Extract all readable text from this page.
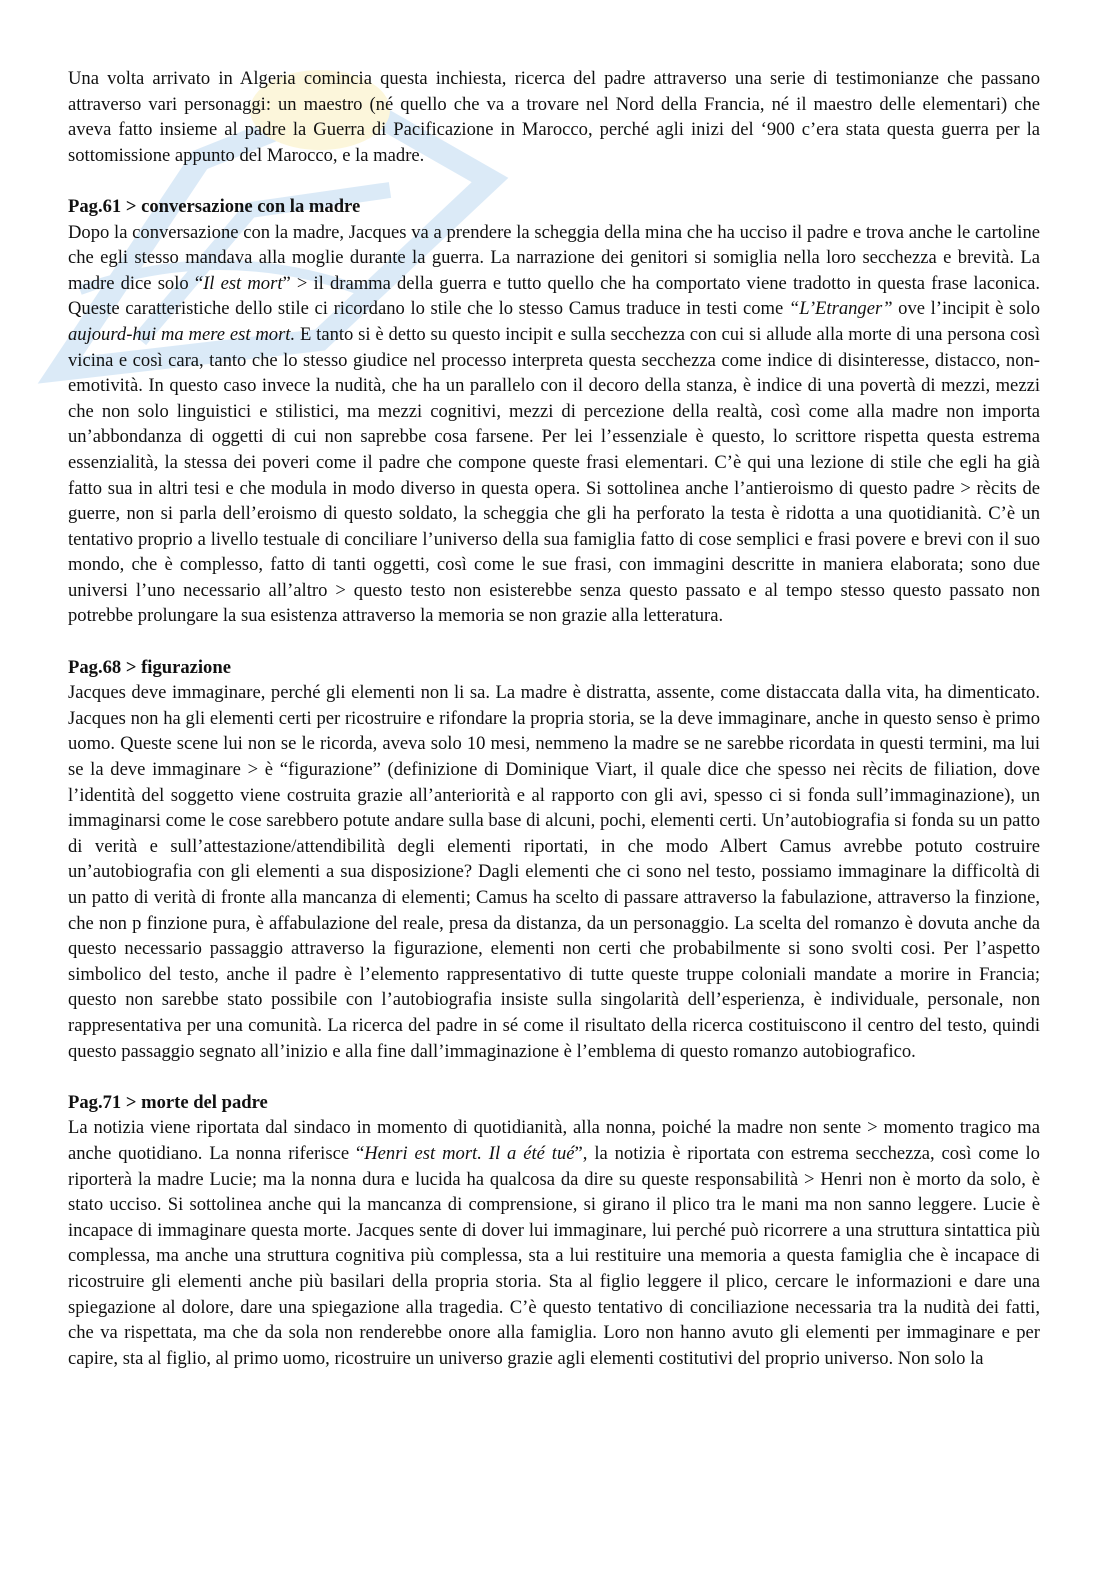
Una volta arrivato in Algeria comincia questa inchiesta, ricerca del padre attraverso una serie di testimonianze che passano attraverso vari personaggi: un maestro (né quello che va a trovare nel Nord della Francia, né il maestro delle elementari) che aveva fatto insieme al padre la Guerra di Pacificazione in Marocco, perché agli inizi del ‘900 c’era stata questa guerra per la sottomissione appunto del Marocco, e la madre.

Pag.61 > conversazione con la madre

Dopo la conversazione con la madre, Jacques va a prendere la scheggia della mina che ha ucciso il padre e trova anche le cartoline che egli stesso mandava alla moglie durante la guerra. La narrazione dei genitori si somiglia nella loro secchezza e brevità. La madre dice solo “Il est mort” > il dramma della guerra e tutto quello che ha comportato viene tradotto in questa frase laconica. Queste caratteristiche dello stile ci ricordano lo stile che lo stesso Camus traduce in testi come “L’Etranger” ove l’incipit è solo aujourd-hui ma mere est mort. E tanto si è detto su questo incipit e sulla secchezza con cui si allude alla morte di una persona così vicina e così cara, tanto che lo stesso giudice nel processo interpreta questa secchezza come indice di disinteresse, distacco, non-emotività. In questo caso invece la nudità, che ha un parallelo con il decoro della stanza, è indice di una povertà di mezzi, mezzi che non solo linguistici e stilistici, ma mezzi cognitivi, mezzi di percezione della realtà, così come alla madre non importa un’abbondanza di oggetti di cui non saprebbe cosa farsene. Per lei l’essenziale è questo, lo scrittore rispetta questa estrema essenzialità, la stessa dei poveri come il padre che compone queste frasi elementari. C’è qui una lezione di stile che egli ha già fatto sua in altri tesi e che modula in modo diverso in questa opera. Si sottolinea anche l’antieroismo di questo padre > rècits de guerre, non si parla dell’eroismo di questo soldato, la scheggia che gli ha perforato la testa è ridotta a una quotidianità. C’è un tentativo proprio a livello testuale di conciliare l’universo della sua famiglia fatto di cose semplici e frasi povere e brevi con il suo mondo, che è complesso, fatto di tanti oggetti, così come le sue frasi, con immagini descritte in maniera elaborata; sono due universi l’uno necessario all’altro > questo testo non esisterebbe senza questo passato e al tempo stesso questo passato non potrebbe prolungare la sua esistenza attraverso la memoria se non grazie alla letteratura.

Pag.68 > figurazione

Jacques deve immaginare, perché gli elementi non li sa. La madre è distratta, assente, come distaccata dalla vita, ha dimenticato. Jacques non ha gli elementi certi per ricostruire e rifondare la propria storia, se la deve immaginare, anche in questo senso è primo uomo. Queste scene lui non se le ricorda, aveva solo 10 mesi, nemmeno la madre se ne sarebbe ricordata in questi termini, ma lui se la deve immaginare > è “figurazione” (definizione di Dominique Viart, il quale dice che spesso nei rècits de filiation, dove l’identità del soggetto viene costruita grazie all’anteriorità e al rapporto con gli avi, spesso ci si fonda sull’immaginazione), un immaginarsi come le cose sarebbero potute andare sulla base di alcuni, pochi, elementi certi. Un’autobiografia si fonda su un patto di verità e sull’attestazione/attendibilità degli elementi riportati, in che modo Albert Camus avrebbe potuto costruire un’autobiografia con gli elementi a sua disposizione? Dagli elementi che ci sono nel testo, possiamo immaginare la difficoltà di un patto di verità di fronte alla mancanza di elementi; Camus ha scelto di passare attraverso la fabulazione, attraverso la finzione, che non p finzione pura, è affabulazione del reale, presa da distanza, da un personaggio. La scelta del romanzo è dovuta anche da questo necessario passaggio attraverso la figurazione, elementi non certi che probabilmente si sono svolti cosi. Per l’aspetto simbolico del testo, anche il padre è l’elemento rappresentativo di tutte queste truppe coloniali mandate a morire in Francia; questo non sarebbe stato possibile con l’autobiografia insiste sulla singolarità dell’esperienza, è individuale, personale, non rappresentativa per una comunità. La ricerca del padre in sé come il risultato della ricerca costituiscono il centro del testo, quindi questo passaggio segnato all’inizio e alla fine dall’immaginazione è l’emblema di questo romanzo autobiografico.

Pag.71 > morte del padre

La notizia viene riportata dal sindaco in momento di quotidianità, alla nonna, poiché la madre non sente > momento tragico ma anche quotidiano. La nonna riferisce “Henri est mort. Il a été tué”, la notizia è riportata con estrema secchezza, così come lo riporterà la madre Lucie; ma la nonna dura e lucida ha qualcosa da dire su queste responsabilità > Henri non è morto da solo, è stato ucciso. Si sottolinea anche qui la mancanza di comprensione, si girano il plico tra le mani ma non sanno leggere. Lucie è incapace di immaginare questa morte. Jacques sente di dover lui immaginare, lui perché può ricorrere a una struttura sintattica più complessa, ma anche una struttura cognitiva più complessa, sta a lui restituire una memoria a questa famiglia che è incapace di ricostruire gli elementi anche più basilari della propria storia. Sta al figlio leggere il plico, cercare le informazioni e dare una spiegazione al dolore, dare una spiegazione alla tragedia. C’è questo tentativo di conciliazione necessaria tra la nudità dei fatti, che va rispettata, ma che da sola non renderebbe onore alla famiglia. Loro non hanno avuto gli elementi per immaginare e per capire, sta al figlio, al primo uomo, ricostruire un universo grazie agli elementi costitutivi del proprio universo. Non solo la
